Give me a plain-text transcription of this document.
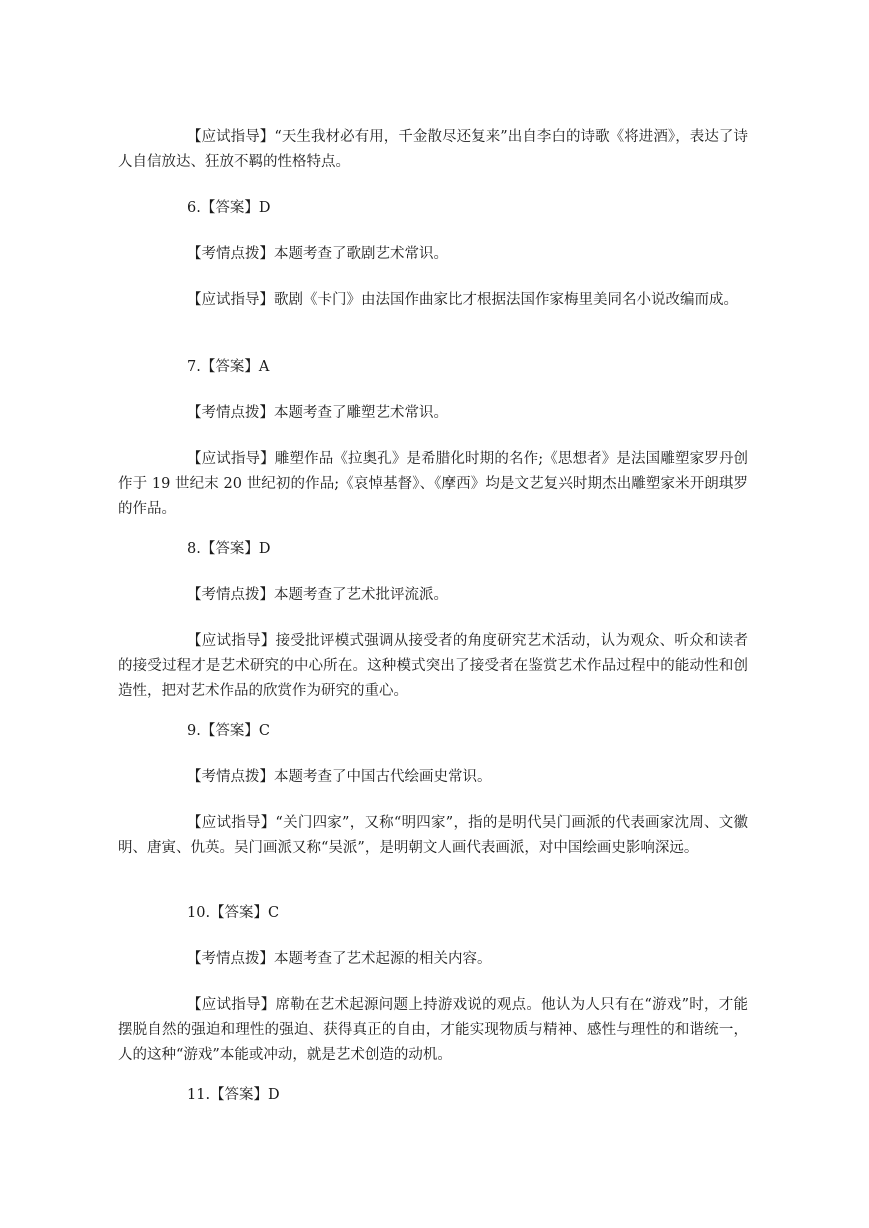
【应试指导】“天生我材必有用，千金散尽还复来”出自李白的诗歌《将进酒》，表达了诗人自信放达、狂放不羁的性格特点。

6.【答案】D

【考情点拨】本题考查了歌剧艺术常识。

【应试指导】歌剧《卡门》由法国作曲家比才根据法国作家梅里美同名小说改编而成。

7.【答案】A

【考情点拨】本题考查了雕塑艺术常识。

【应试指导】雕塑作品《拉奥孔》是希腊化时期的名作;《思想者》是法国雕塑家罗丹创作于 19 世纪末 20 世纪初的作品;《哀悼基督》、《摩西》均是文艺复兴时期杰出雕塑家米开朗琪罗的作品。

8.【答案】D

【考情点拨】本题考查了艺术批评流派。

【应试指导】接受批评模式强调从接受者的角度研究艺术活动，认为观众、听众和读者的接受过程才是艺术研究的中心所在。这种模式突出了接受者在鉴赏艺术作品过程中的能动性和创造性，把对艺术作品的欣赏作为研究的重心。

9.【答案】C

【考情点拨】本题考查了中国古代绘画史常识。

【应试指导】“关门四家”，又称“明四家”，指的是明代吴门画派的代表画家沈周、文徽明、唐寅、仇英。吴门画派又称“吴派”，是明朝文人画代表画派，对中国绘画史影响深远。

10.【答案】C

【考情点拨】本题考查了艺术起源的相关内容。

【应试指导】席勒在艺术起源问题上持游戏说的观点。他认为人只有在“游戏”时，才能摆脱自然的强迫和理性的强迫、获得真正的自由，才能实现物质与精神、感性与理性的和谐统一，人的这种“游戏”本能或冲动，就是艺术创造的动机。

11.【答案】D
